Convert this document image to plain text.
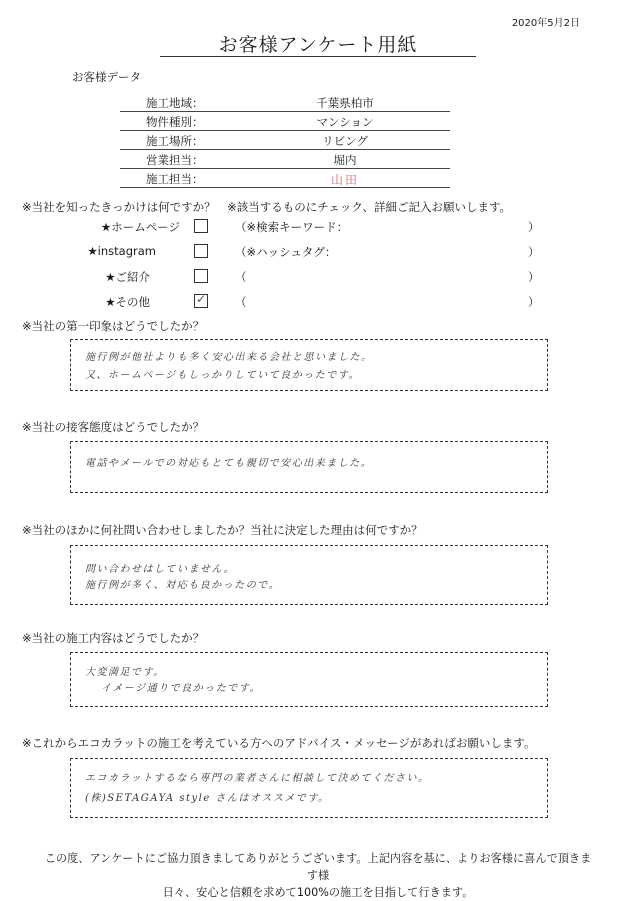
2020年5月2日
お客様アンケート用紙
お客様データ
施工地域：	千葉県柏市
物件種別：	マンション
施工場所：	リビング
営業担当：	堀内
施工担当：	山田
※当社を知ったきっかけは何ですか？　※該当するものにチェック、詳細ご記入お願いします。
★ホームページ	（※検索キーワード：	）
★instagram	（※ハッシュタグ：	）
★ご紹介	（	）
★その他	✓	（	）
※当社の第一印象はどうでしたか？
施行例が他社よりも多く安心出来る会社と思いました。
又、ホームページもしっかりしていて良かったです。
※当社の接客態度はどうでしたか？
電話やメールでの対応もとても親切で安心出来ました。
※当社のほかに何社問い合わせしましたか？当社に決定した理由は何ですか？
問い合わせはしていません。
施行例が多く、対応も良かったので。
※当社の施工内容はどうでしたか？
大変満足です。
イメージ通りで良かったです。
※これからエコカラットの施工を考えている方へのアドバイス・メッセージがあればお願いします。
エコカラットするなら専門の業者さんに相談して決めてください。
(株)SETAGAYA style さんはオススメです。
この度、アンケートにご協力頂きましてありがとうございます。上記内容を基に、よりお客様に喜んで頂きます様
日々、安心と信頼を求めて100%の施工を目指して行きます。
